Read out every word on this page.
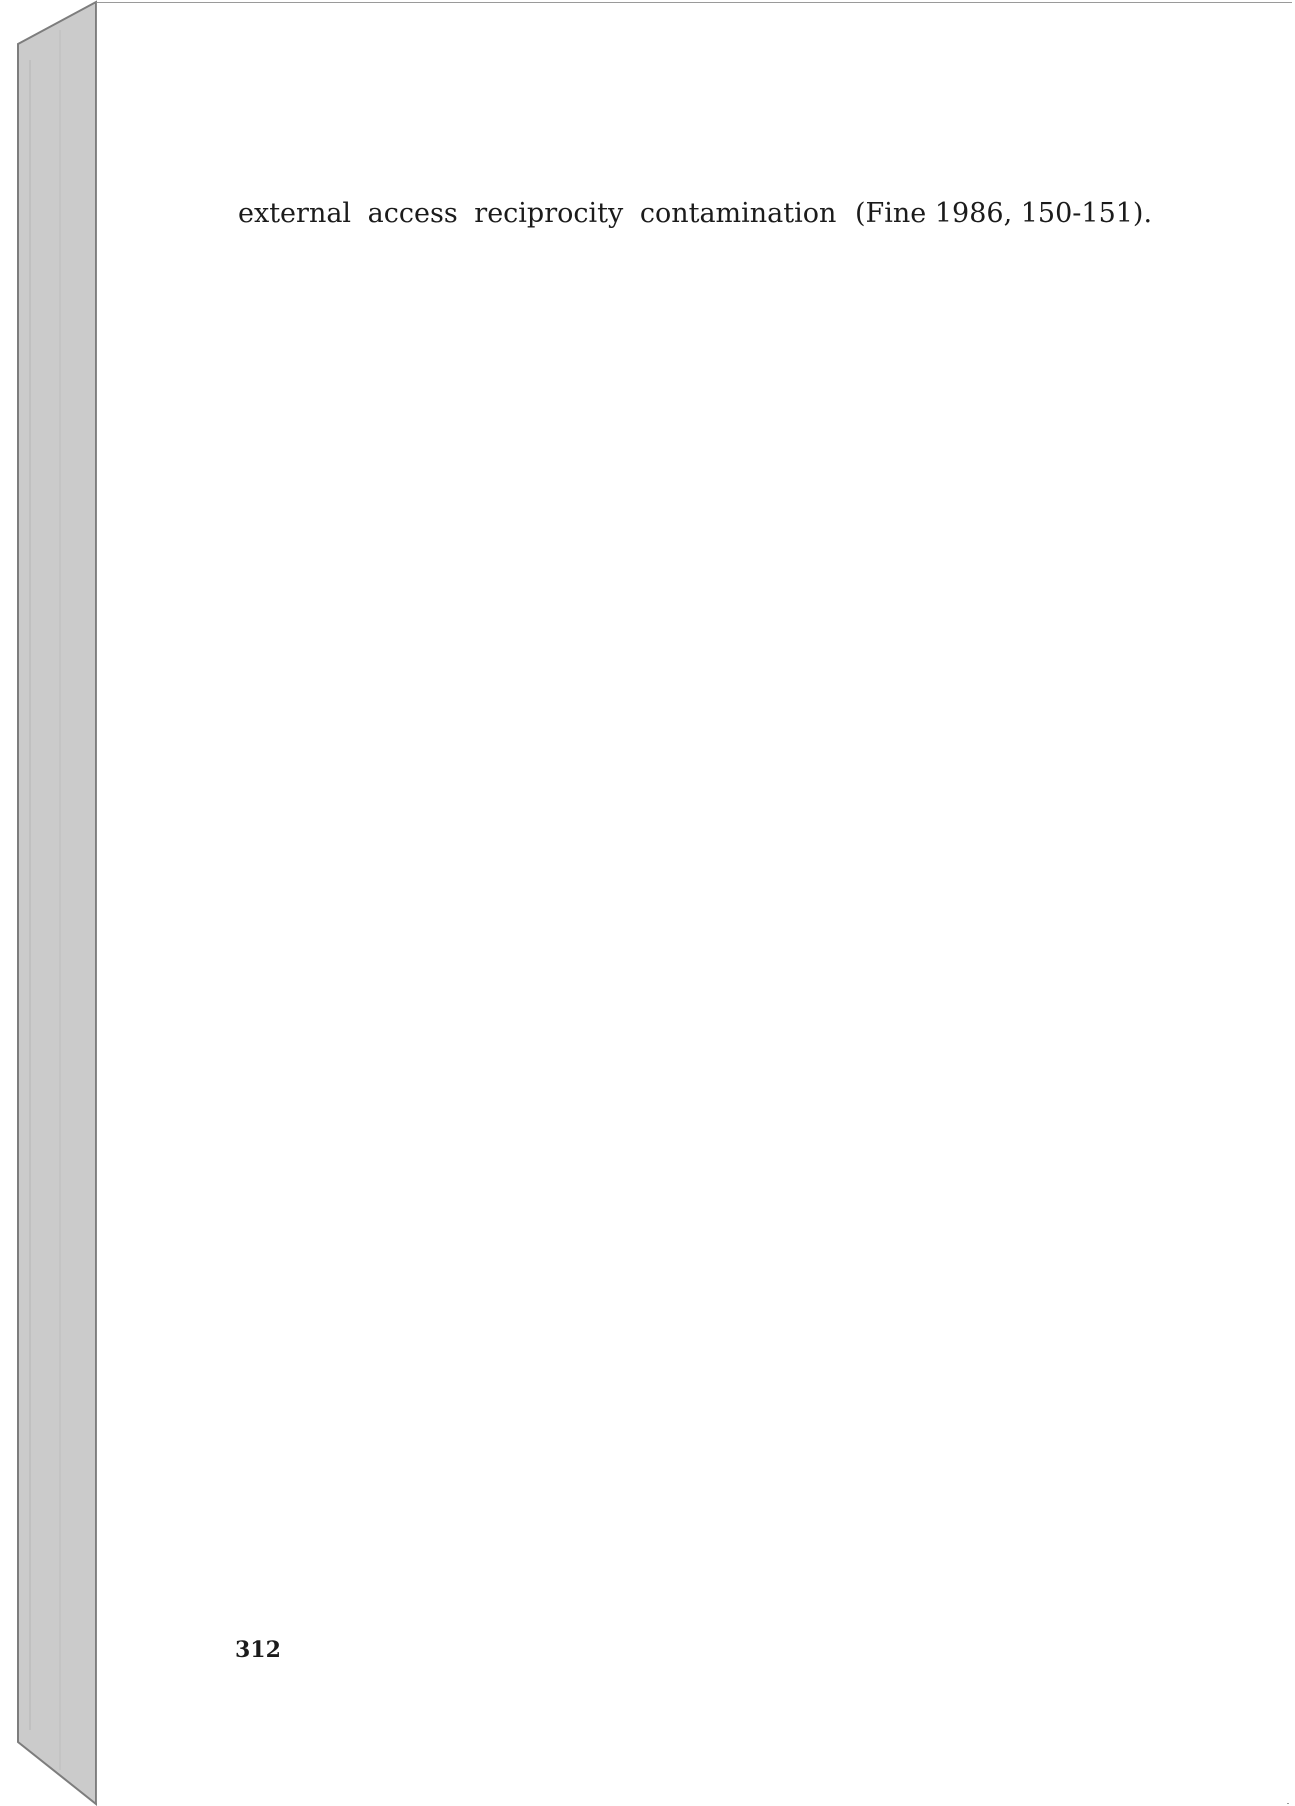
external access reciprocity contamination (Fine 1986, 150-151).

312
